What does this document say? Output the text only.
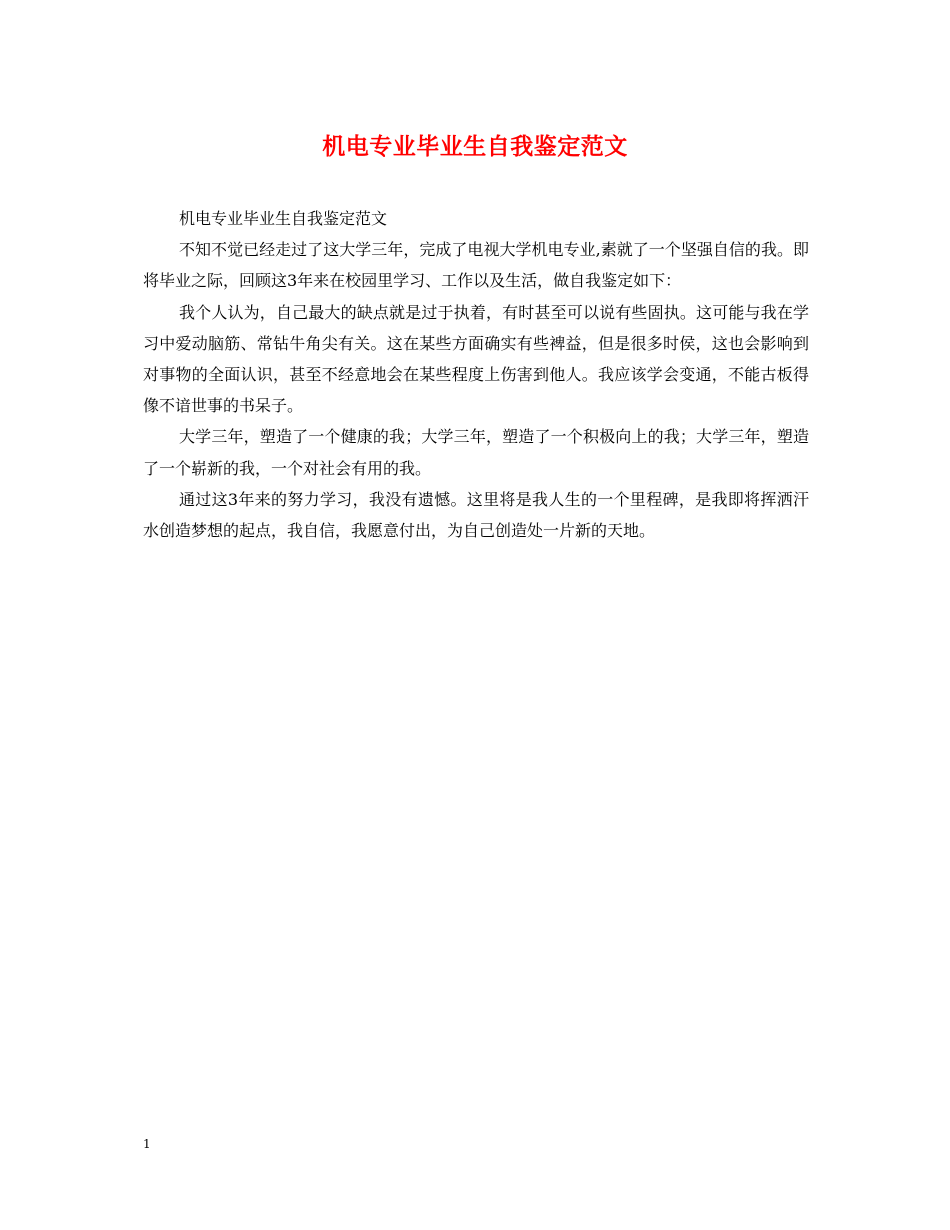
机电专业毕业生自我鉴定范文

机电专业毕业生自我鉴定范文

不知不觉已经走过了这大学三年，完成了电视大学机电专业,素就了一个坚强自信的我。即将毕业之际，回顾这3年来在校园里学习、工作以及生活，做自我鉴定如下：

我个人认为，自己最大的缺点就是过于执着，有时甚至可以说有些固执。这可能与我在学习中爱动脑筋、常钻牛角尖有关。这在某些方面确实有些裨益，但是很多时侯，这也会影响到对事物的全面认识，甚至不经意地会在某些程度上伤害到他人。我应该学会变通，不能古板得像不谙世事的书呆子。

大学三年，塑造了一个健康的我；大学三年，塑造了一个积极向上的我；大学三年，塑造了一个崭新的我，一个对社会有用的我。

通过这3年来的努力学习，我没有遗憾。这里将是我人生的一个里程碑，是我即将挥洒汗水创造梦想的起点，我自信，我愿意付出，为自己创造处一片新的天地。

1
